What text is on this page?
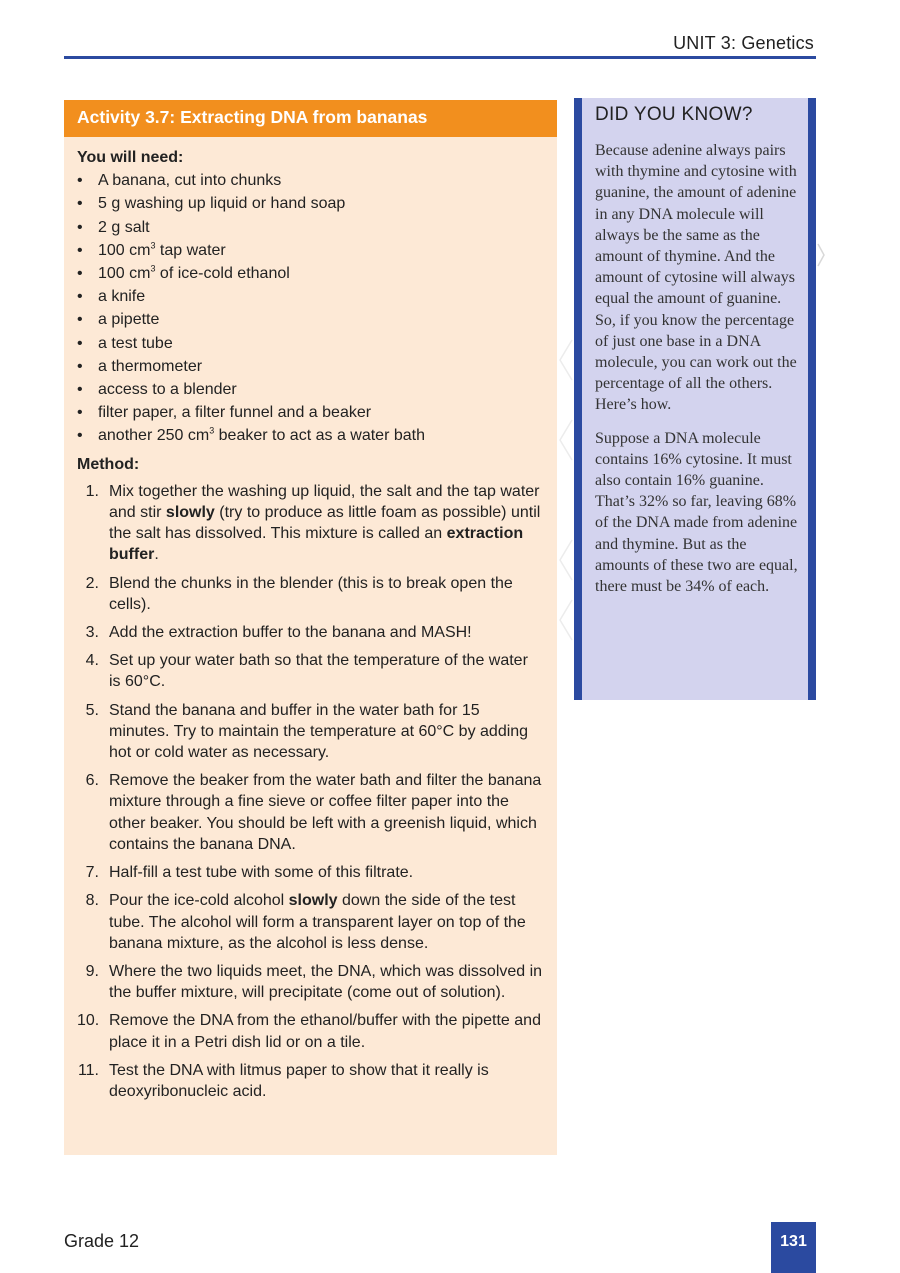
UNIT 3: Genetics
Activity 3.7: Extracting DNA from bananas
You will need:
• A banana, cut into chunks
• 5 g washing up liquid or hand soap
• 2 g salt
• 100 $cm^3$ tap water
• 100 $cm^3$ of ice-cold ethanol
• a knife
• a pipette
• a test tube
• a thermometer
• access to a blender
• filter paper, a filter funnel and a beaker
• another 250 $cm^3$ beaker to act as a water bath
Method:
1. Mix together the washing up liquid, the salt and the tap water and stir slowly (try to produce as little foam as possible) until the salt has dissolved. This mixture is called an extraction buffer.
2. Blend the chunks in the blender (this is to break open the cells).
3. Add the extraction buffer to the banana and MASH!
4. Set up your water bath so that the temperature of the water is 60°C.
5. Stand the banana and buffer in the water bath for 15 minutes. Try to maintain the temperature at 60°C by adding hot or cold water as necessary.
6. Remove the beaker from the water bath and filter the banana mixture through a fine sieve or coffee filter paper into the other beaker. You should be left with a greenish liquid, which contains the banana DNA.
7. Half-fill a test tube with some of this filtrate.
8. Pour the ice-cold alcohol slowly down the side of the test tube. The alcohol will form a transparent layer on top of the banana mixture, as the alcohol is less dense.
9. Where the two liquids meet, the DNA, which was dissolved in the buffer mixture, will precipitate (come out of solution).
10. Remove the DNA from the ethanol/buffer with the pipette and place it in a Petri dish lid or on a tile.
11. Test the DNA with litmus paper to show that it really is deoxyribonucleic acid.
DID YOU KNOW?

Because adenine always pairs with thymine and cytosine with guanine, the amount of adenine in any DNA molecule will always be the same as the amount of thymine. And the amount of cytosine will always equal the amount of guanine. So, if you know the percentage of just one base in a DNA molecule, you can work out the percentage of all the others. Here’s how.

Suppose a DNA molecule contains 16% cytosine. It must also contain 16% guanine. That’s 32% so far, leaving 68% of the DNA made from adenine and thymine. But as the amounts of these two are equal, there must be 34% of each.

Grade 12	131
